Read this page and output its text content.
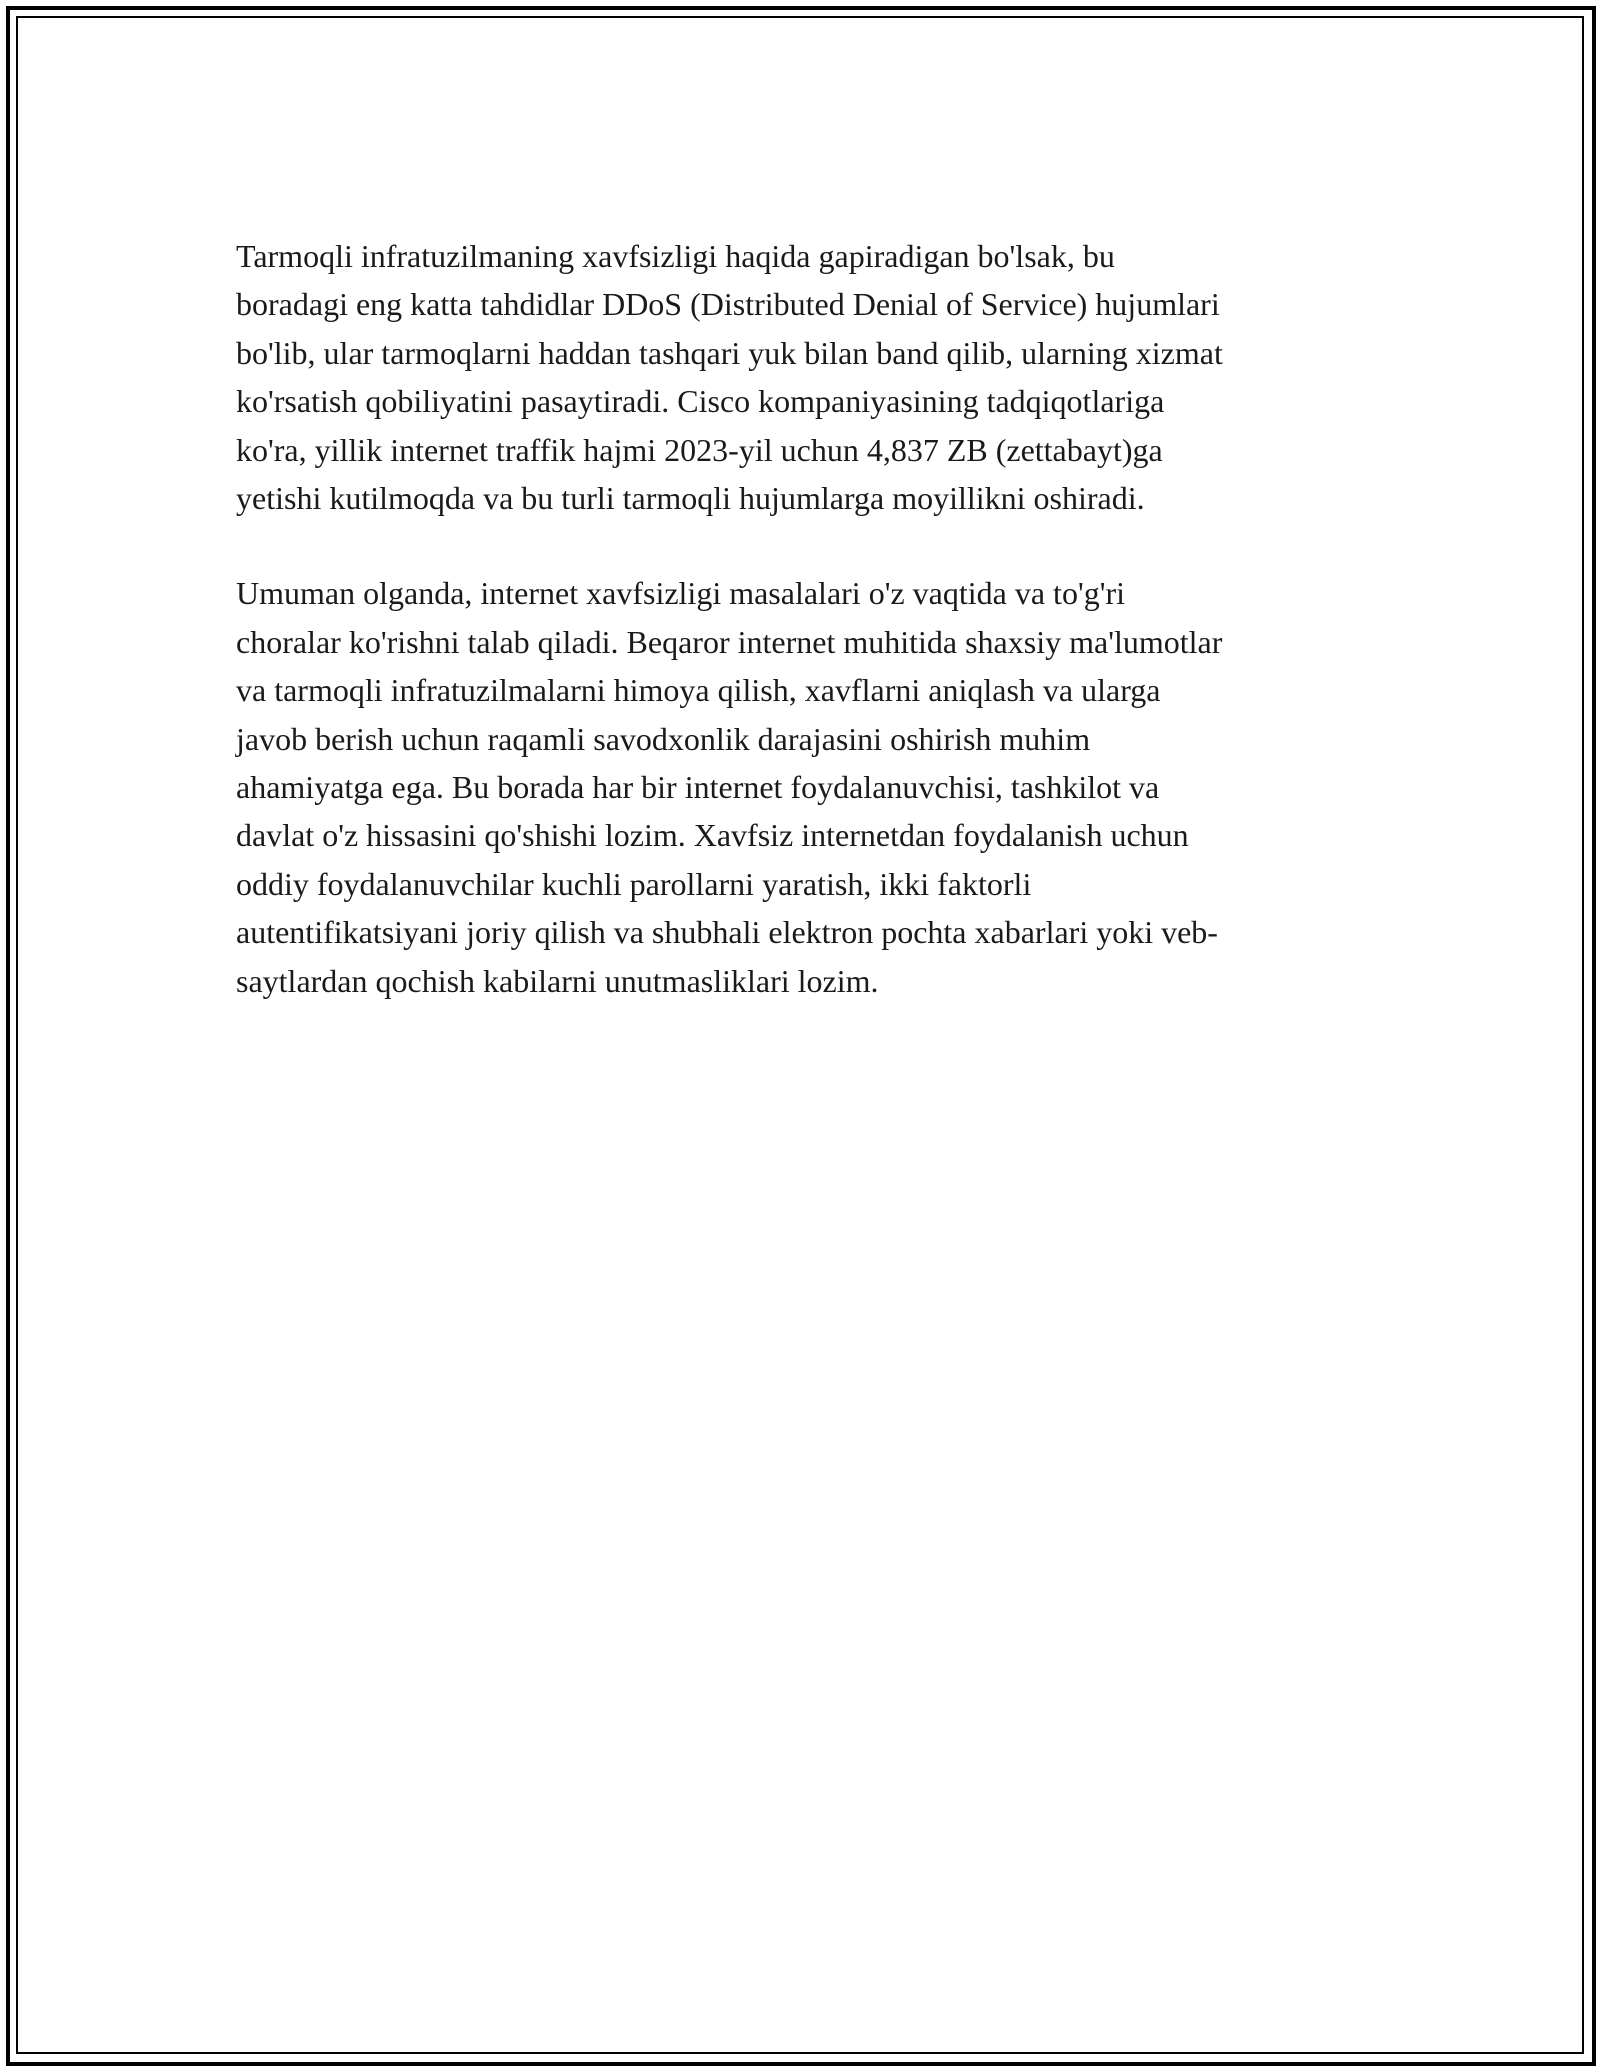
Tarmoqli infratuzilmaning xavfsizligi haqida gapiradigan bo'lsak, bu
boradagi eng katta tahdidlar DDoS (Distributed Denial of Service) hujumlari
bo'lib, ular tarmoqlarni haddan tashqari yuk bilan band qilib, ularning xizmat
ko'rsatish qobiliyatini pasaytiradi. Cisco kompaniyasining tadqiqotlariga
ko'ra, yillik internet traffik hajmi 2023-yil uchun 4,837 ZB (zettabayt)ga
yetishi kutilmoqda va bu turli tarmoqli hujumlarga moyillikni oshiradi.

Umuman olganda, internet xavfsizligi masalalari o'z vaqtida va to'g'ri
choralar ko'rishni talab qiladi. Beqaror internet muhitida shaxsiy ma'lumotlar
va tarmoqli infratuzilmalarni himoya qilish, xavflarni aniqlash va ularga
javob berish uchun raqamli savodxonlik darajasini oshirish muhim
ahamiyatga ega. Bu borada har bir internet foydalanuvchisi, tashkilot va
davlat o'z hissasini qo'shishi lozim. Xavfsiz internetdan foydalanish uchun
oddiy foydalanuvchilar kuchli parollarni yaratish, ikki faktorli
autentifikatsiyani joriy qilish va shubhali elektron pochta xabarlari yoki veb-
saytlardan qochish kabilarni unutmasliklari lozim.
